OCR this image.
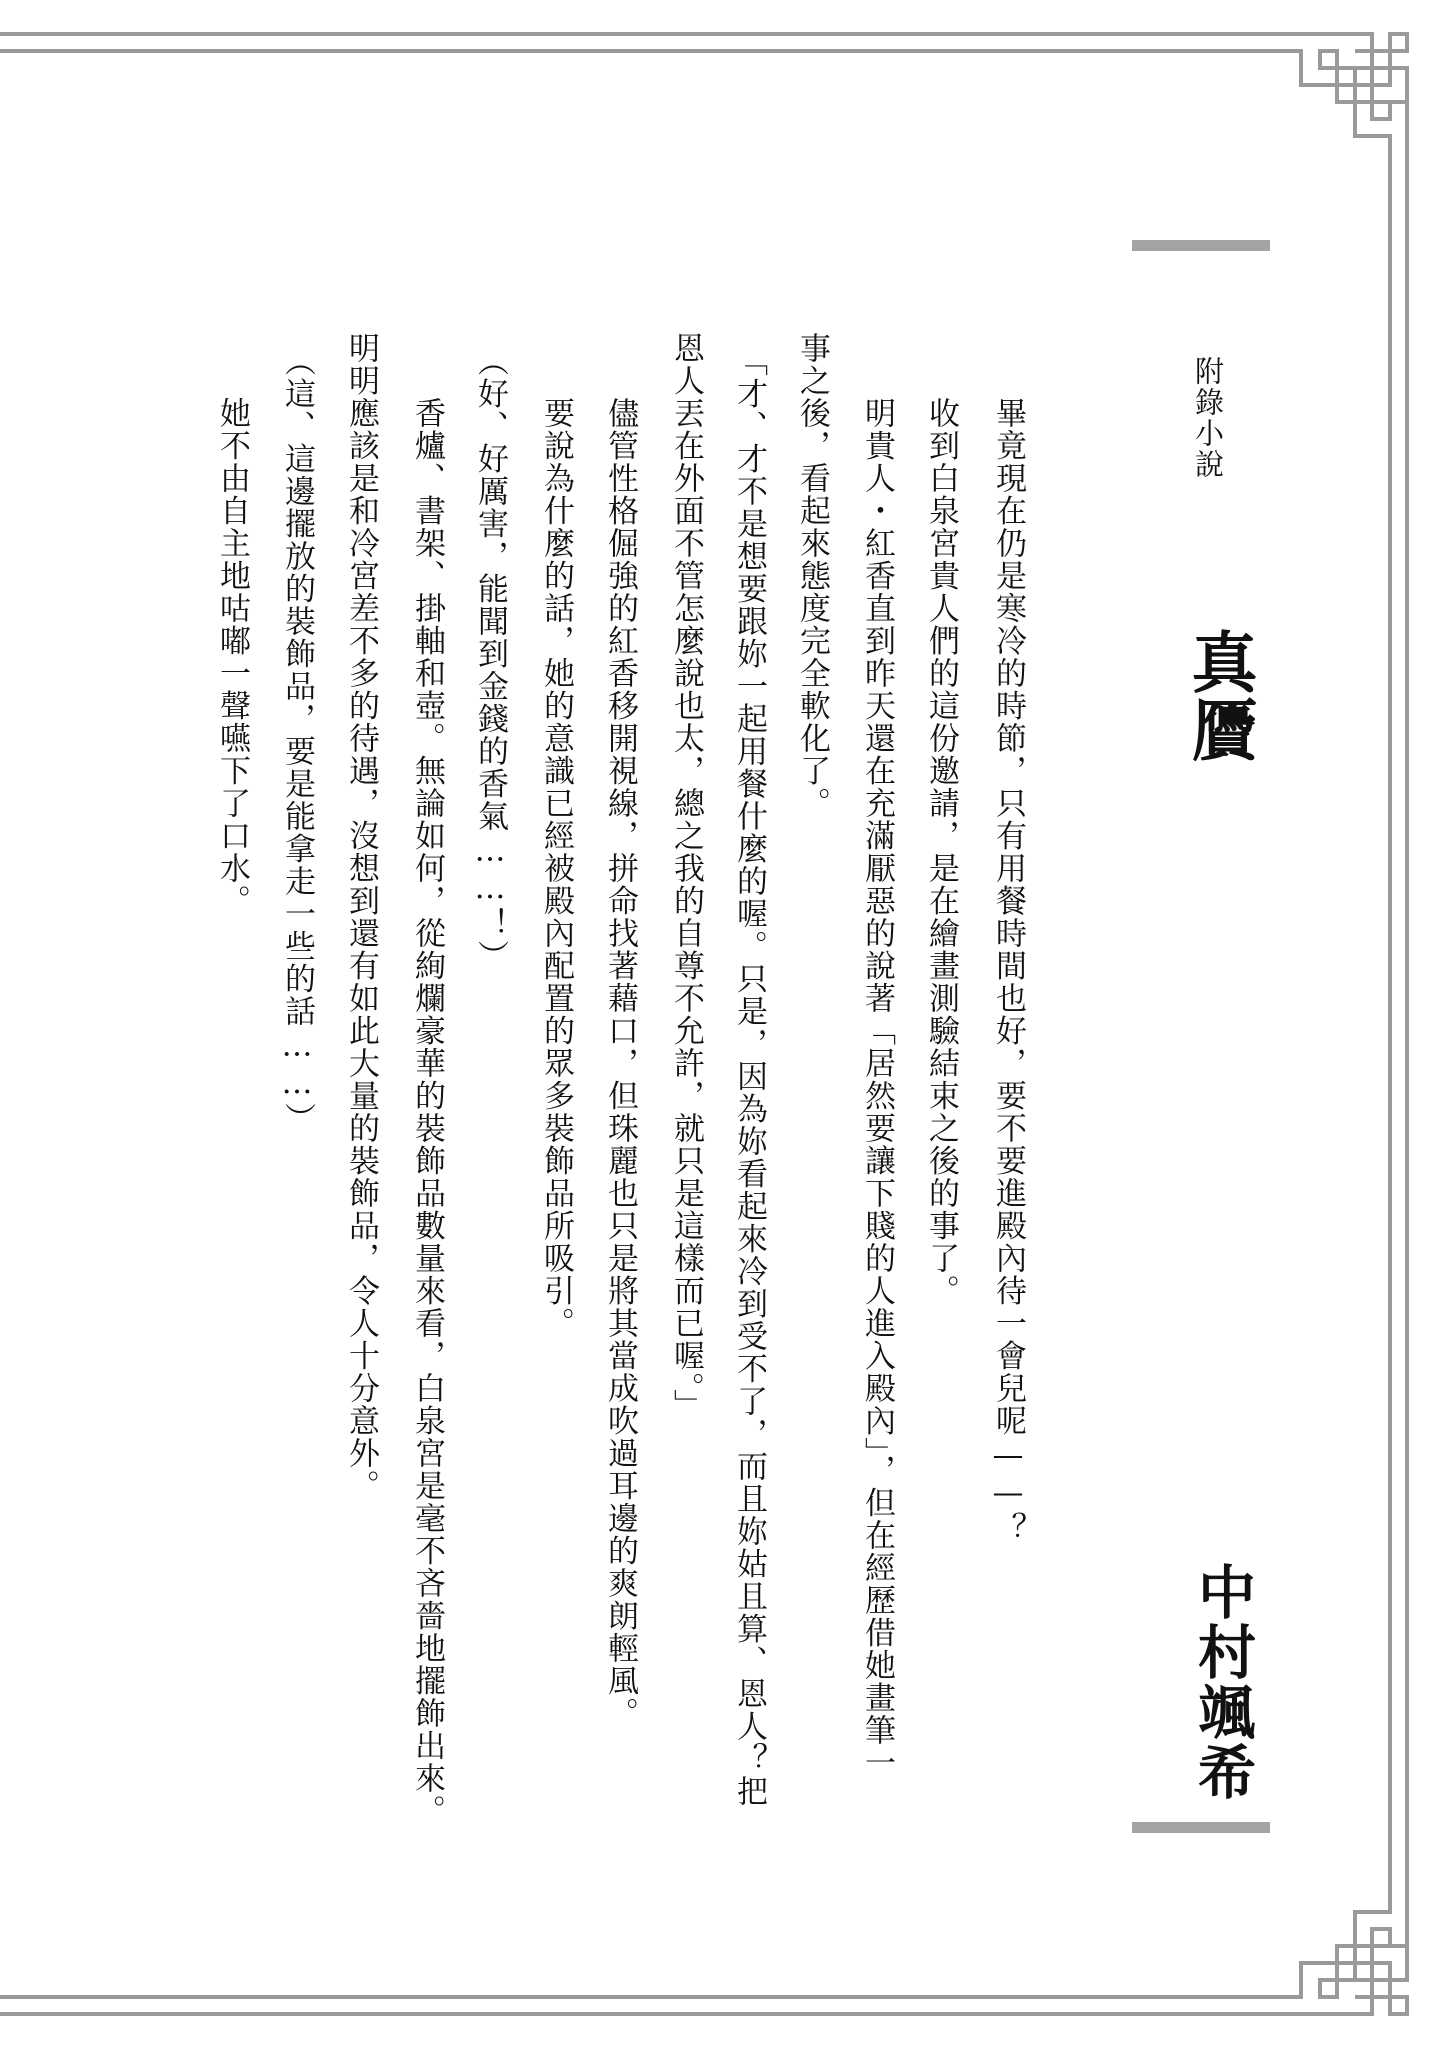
附錄小說
真贗
中村颯希
畢竟現在仍是寒冷的時節，只有用餐時間也好，要不要進殿內待一會兒呢——？
收到白泉宮貴人們的這份邀請，是在繪畫測驗結束之後的事了。
明貴人・紅香直到昨天還在充滿厭惡的說著「居然要讓下賤的人進入殿內」，但在經歷借她畫筆一
事之後，看起來態度完全軟化了。
「才、才不是想要跟妳一起用餐什麼的喔。只是，因為妳看起來冷到受不了，而且妳姑且算、恩人？把
恩人丟在外面不管怎麼說也太，總之我的自尊不允許，就只是這樣而已喔。」
儘管性格倔強的紅香移開視線，拼命找著藉口，但珠麗也只是將其當成吹過耳邊的爽朗輕風。
要說為什麼的話，她的意識已經被殿內配置的眾多裝飾品所吸引。
（好、好厲害，能聞到金錢的香氣……！）
香爐、書架、掛軸和壺。無論如何，從絢爛豪華的裝飾品數量來看，白泉宮是毫不吝嗇地擺飾出來。
明明應該是和冷宮差不多的待遇，沒想到還有如此大量的裝飾品，令人十分意外。
（這、這邊擺放的裝飾品，要是能拿走一些的話……）
她不由自主地咕嘟一聲嚥下了口水。
